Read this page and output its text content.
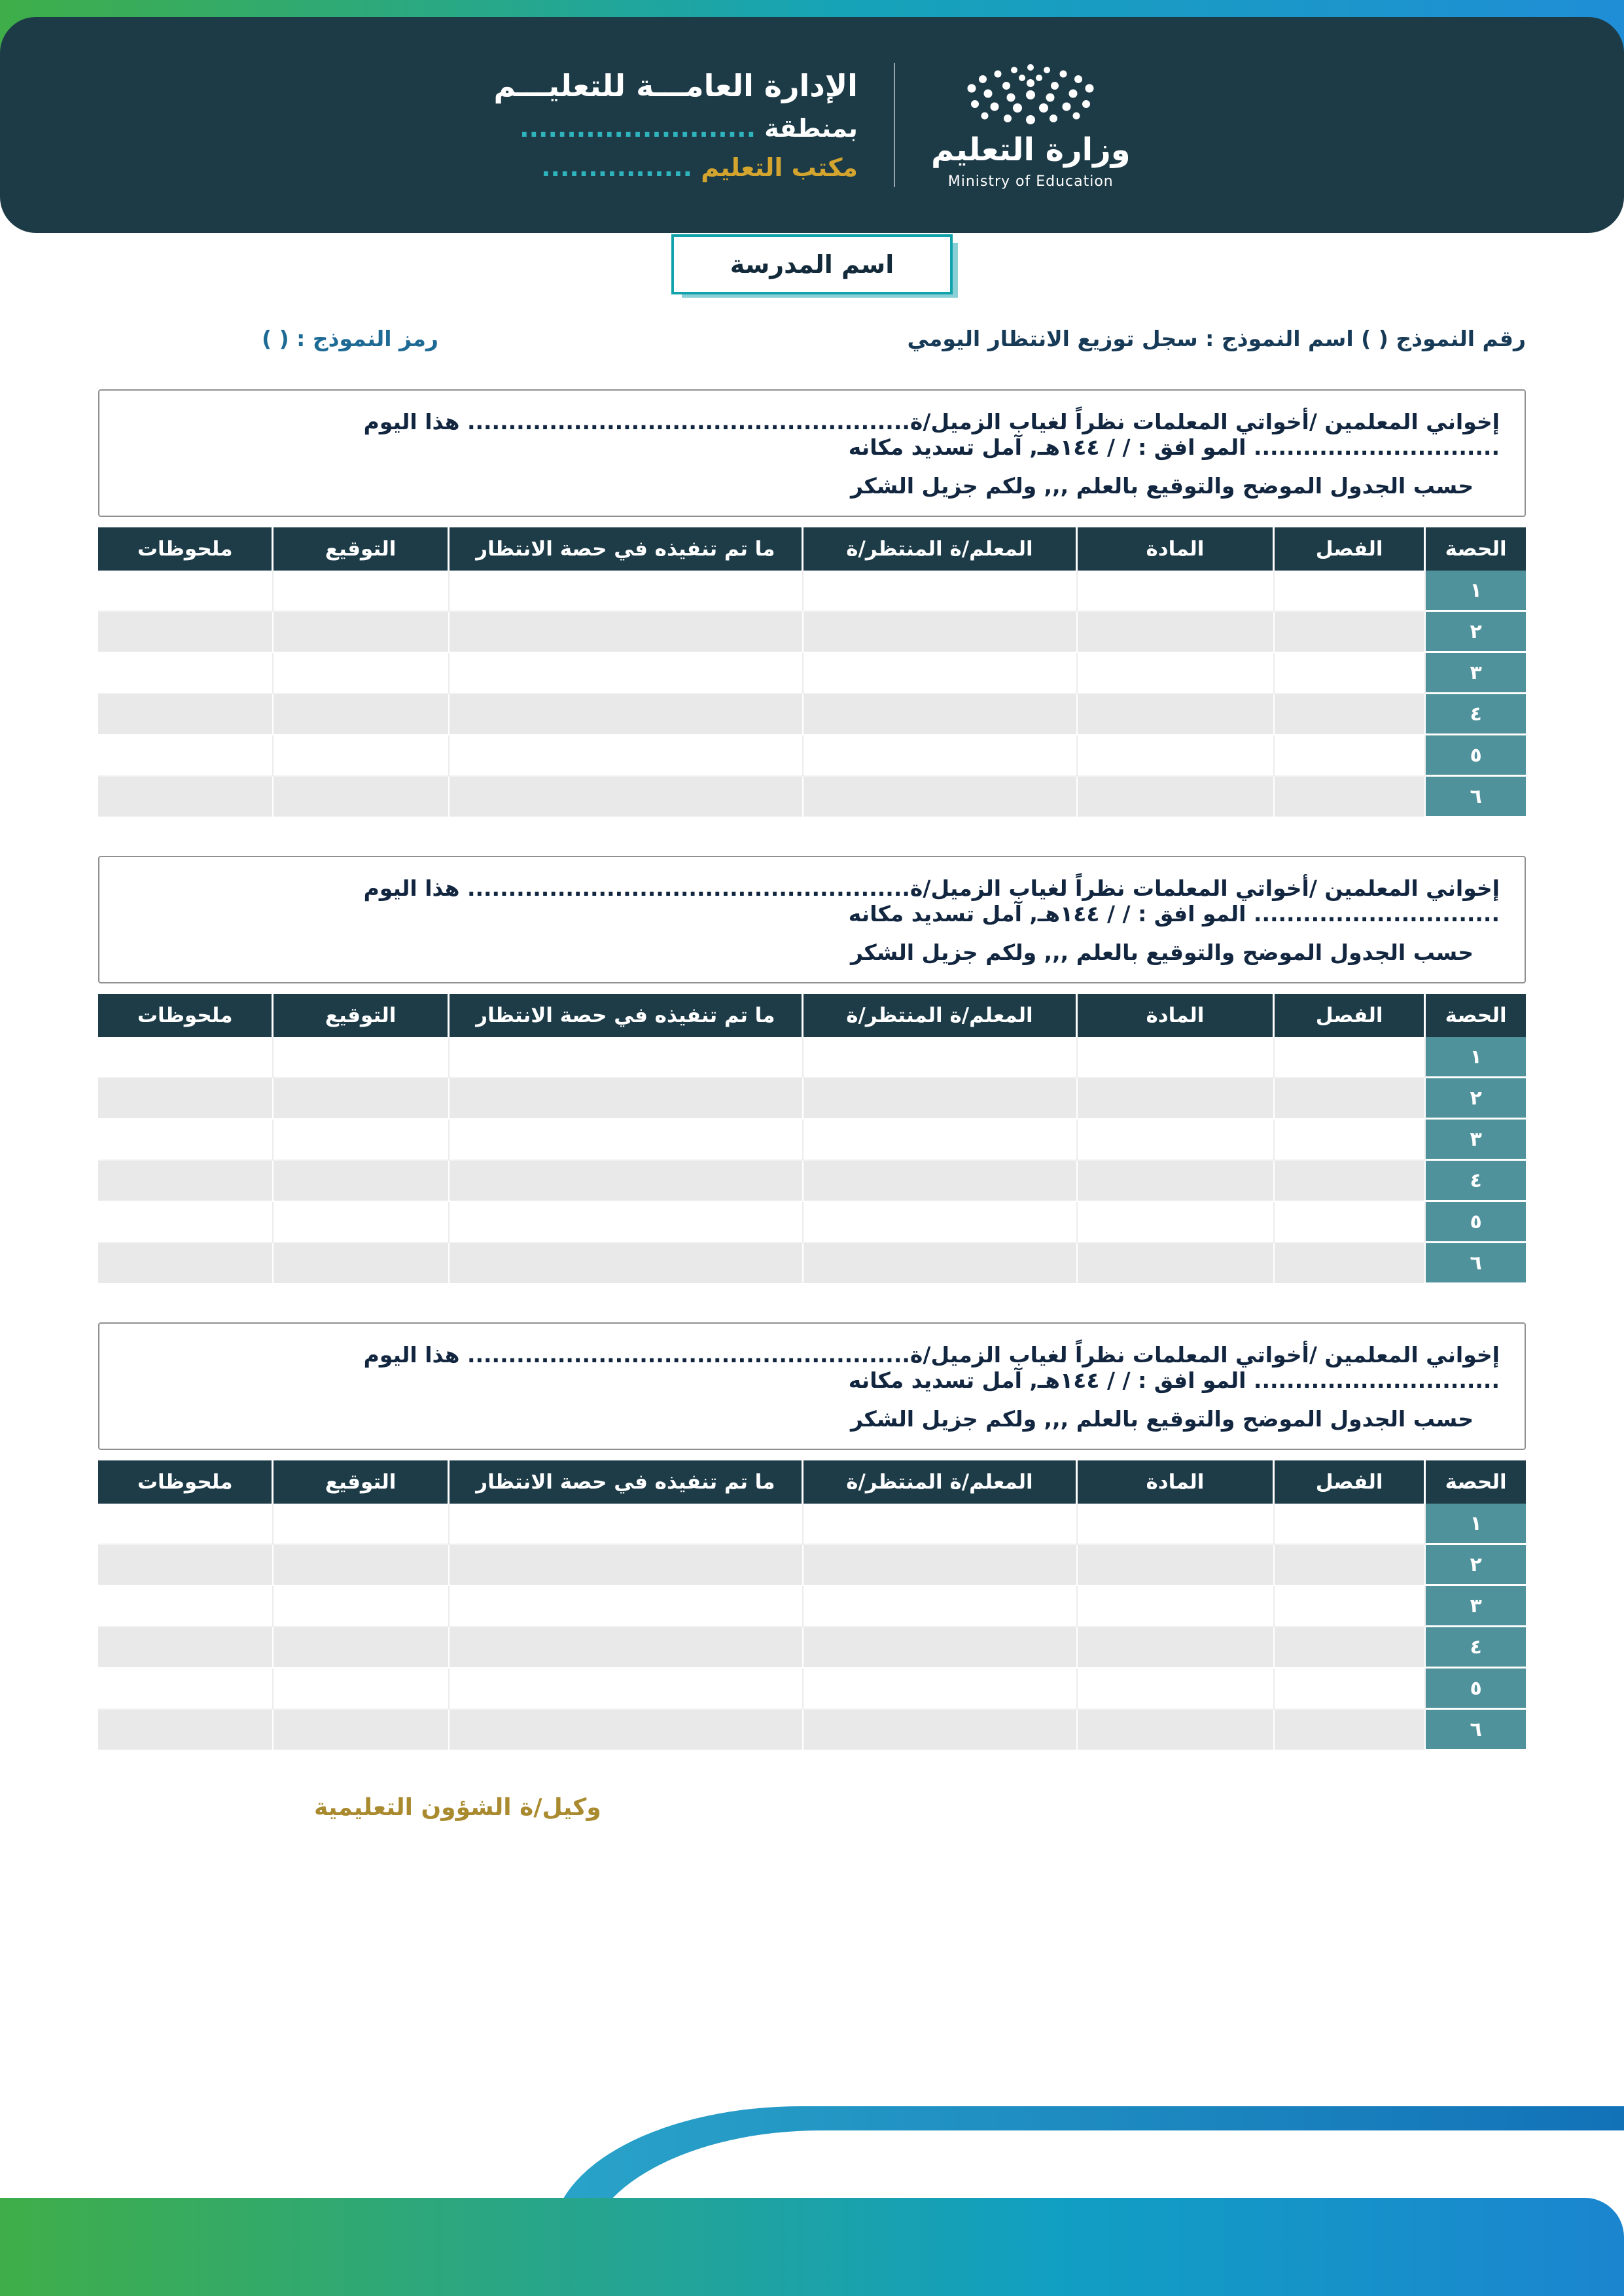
وزارة التعليم
Ministry of Education
الإدارة العامـــة للتعليـــم
بمنطقة .........................
مكتب التعليم ................
اسم المدرسة
رقم النموذج ( ) اسم النموذج : سجل توزيع الانتظار اليومي
رمز النموذج : ( )

إخواني المعلمين /أخواتي المعلمات نظراً لغياب الزميل/ة...................................................... هذا اليوم .............................. المو افق : / / ١٤٤هـ, آمل تسديد مكانه

حسب الجدول الموضح والتوقيع بالعلم ,,, ولكم جزيل الشكر

الحصة	الفصل	المادة	المعلم/ة المنتظر/ة	ما تم تنفيذه في حصة الانتظار	التوقيع	ملحوظات
١						
٢						
٣						
٤						
٥						
٦						

إخواني المعلمين /أخواتي المعلمات نظراً لغياب الزميل/ة...................................................... هذا اليوم .............................. المو افق : / / ١٤٤هـ, آمل تسديد مكانه

حسب الجدول الموضح والتوقيع بالعلم ,,, ولكم جزيل الشكر

الحصة	الفصل	المادة	المعلم/ة المنتظر/ة	ما تم تنفيذه في حصة الانتظار	التوقيع	ملحوظات
١						
٢						
٣						
٤						
٥						
٦						

إخواني المعلمين /أخواتي المعلمات نظراً لغياب الزميل/ة...................................................... هذا اليوم .............................. المو افق : / / ١٤٤هـ, آمل تسديد مكانه

حسب الجدول الموضح والتوقيع بالعلم ,,, ولكم جزيل الشكر

الحصة	الفصل	المادة	المعلم/ة المنتظر/ة	ما تم تنفيذه في حصة الانتظار	التوقيع	ملحوظات
١						
٢						
٣						
٤						
٥						
٦						
وكيل/ة الشؤون التعليمية
